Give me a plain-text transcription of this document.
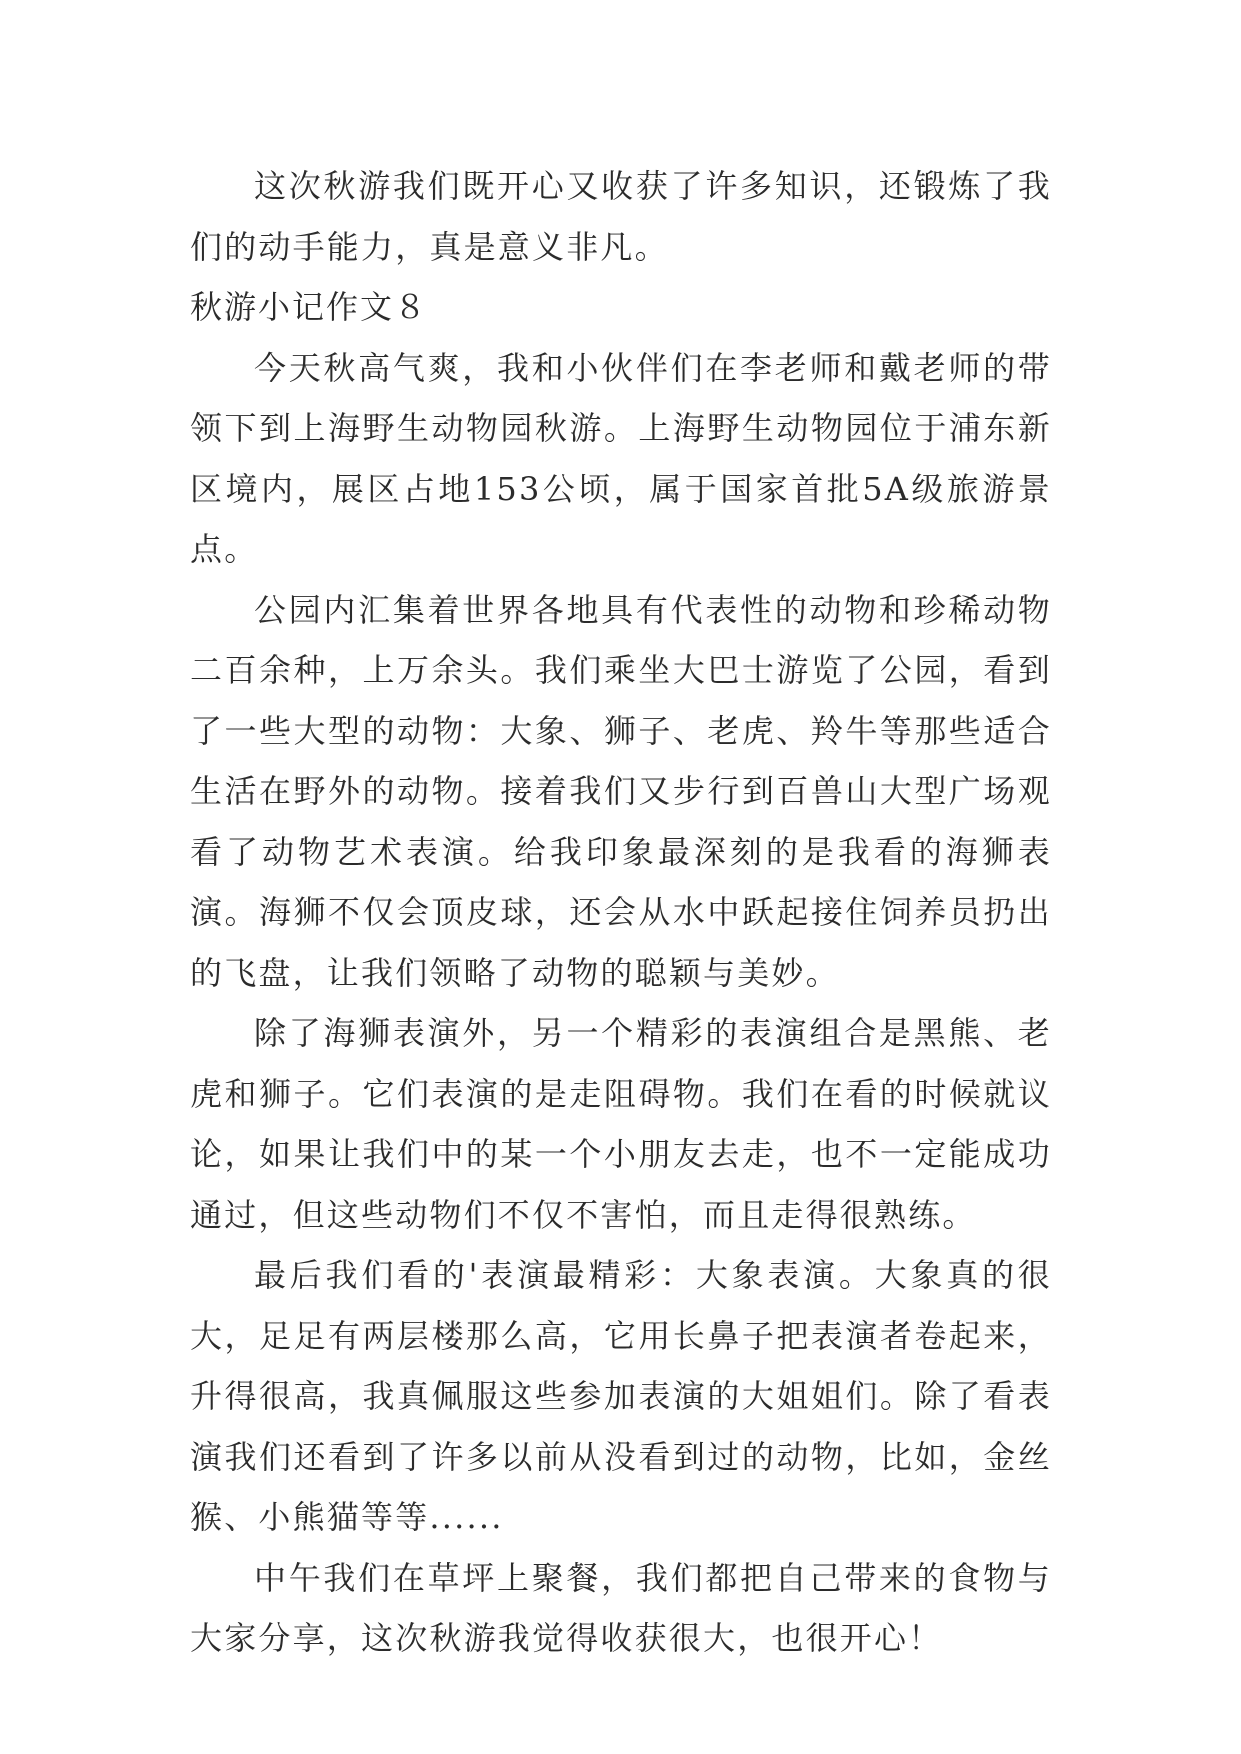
这次秋游我们既开心又收获了许多知识，还锻炼了我们的动手能力，真是意义非凡。

秋游小记作文８

今天秋高气爽，我和小伙伴们在李老师和戴老师的带领下到上海野生动物园秋游。上海野生动物园位于浦东新区境内，展区占地153公顷，属于国家首批5A级旅游景点。

公园内汇集着世界各地具有代表性的动物和珍稀动物二百余种，上万余头。我们乘坐大巴士游览了公园，看到了一些大型的动物：大象、狮子、老虎、羚牛等那些适合生活在野外的动物。接着我们又步行到百兽山大型广场观看了动物艺术表演。给我印象最深刻的是我看的海狮表演。海狮不仅会顶皮球，还会从水中跃起接住饲养员扔出的飞盘，让我们领略了动物的聪颖与美妙。

除了海狮表演外，另一个精彩的表演组合是黑熊、老虎和狮子。它们表演的是走阻碍物。我们在看的时候就议论，如果让我们中的某一个小朋友去走，也不一定能成功通过，但这些动物们不仅不害怕，而且走得很熟练。

最后我们看的'表演最精彩：大象表演。大象真的很大，足足有两层楼那么高，它用长鼻子把表演者卷起来，升得很高，我真佩服这些参加表演的大姐姐们。除了看表演我们还看到了许多以前从没看到过的动物，比如，金丝猴、小熊猫等等......

中午我们在草坪上聚餐，我们都把自己带来的食物与大家分享，这次秋游我觉得收获很大，也很开心！
